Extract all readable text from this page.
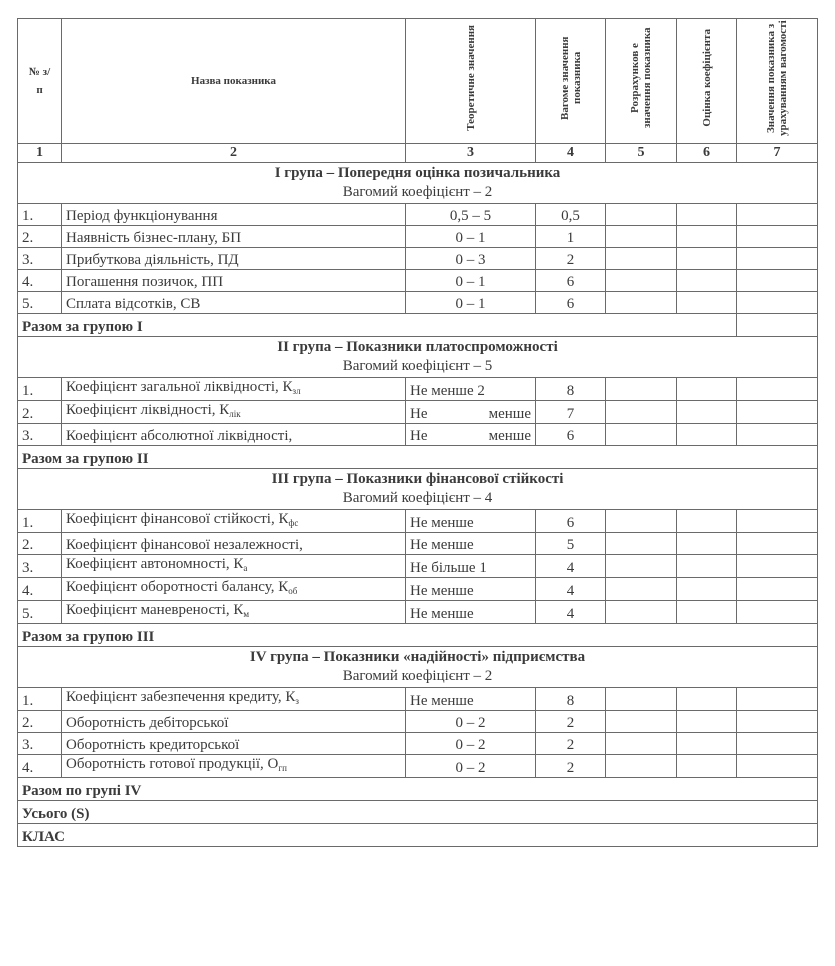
№ з/п	Назва показника	Теоретичне значення	Вагоме значення показника	Розрахунков е значення показника	Оцінка коефіцієнта	Значення показника з урахуванням вагомості
1	2	3	4	5	6	7

I група – Попередня оцінка позичальника
Вагомий коефіцієнт – 2						

1.	Період функціонування	0,5 – 5	0,5			
2.	Наявність бізнес-плану, БП	0 – 1	1			
3.	Прибуткова діяльність, ПД	0 – 3	2			
4.	Погашення позичок, ПП	0 – 1	6			
5.	Сплата відсотків, СВ	0 – 1	6			
Разом за групою I						

II група – Показники платоспроможності
Вагомий коефіцієнт – 5						

1.	Коефіцієнт загальної ліквідності, $К_{зл}$	Не менше 2	8			
2.	Коефіцієнт ліквідності, $К_{лік}$	Не менше	7			
3.	Коефіцієнт абсолютної ліквідності,	Не менше	6			
Разом за групою II						

III група – Показники фінансової стійкості
Вагомий коефіцієнт – 4						

1.	Коефіцієнт фінансової стійкості, $К_{фс}$	Не менше	6			
2.	Коефіцієнт фінансової незалежності,	Не менше	5			
3.	Коефіцієнт автономності, $К_а$	Не більше 1	4			
4.	Коефіцієнт оборотності балансу, $К_{об}$	Не менше	4			
5.	Коефіцієнт маневреності, $К_м$	Не менше	4			
Разом за групою III						

IV група – Показники «надійності» підприємства
Вагомий коефіцієнт – 2						

1.	Коефіцієнт забезпечення кредиту, $К_з$	Не менше	8			
2.	Оборотність дебіторської	0 – 2	2			
3.	Оборотність кредиторської	0 – 2	2			
4.	Оборотність готової продукції, $О_{гп}$	0 – 2	2			
Разом по групі IV						
Усього (S)						
КЛАС						
